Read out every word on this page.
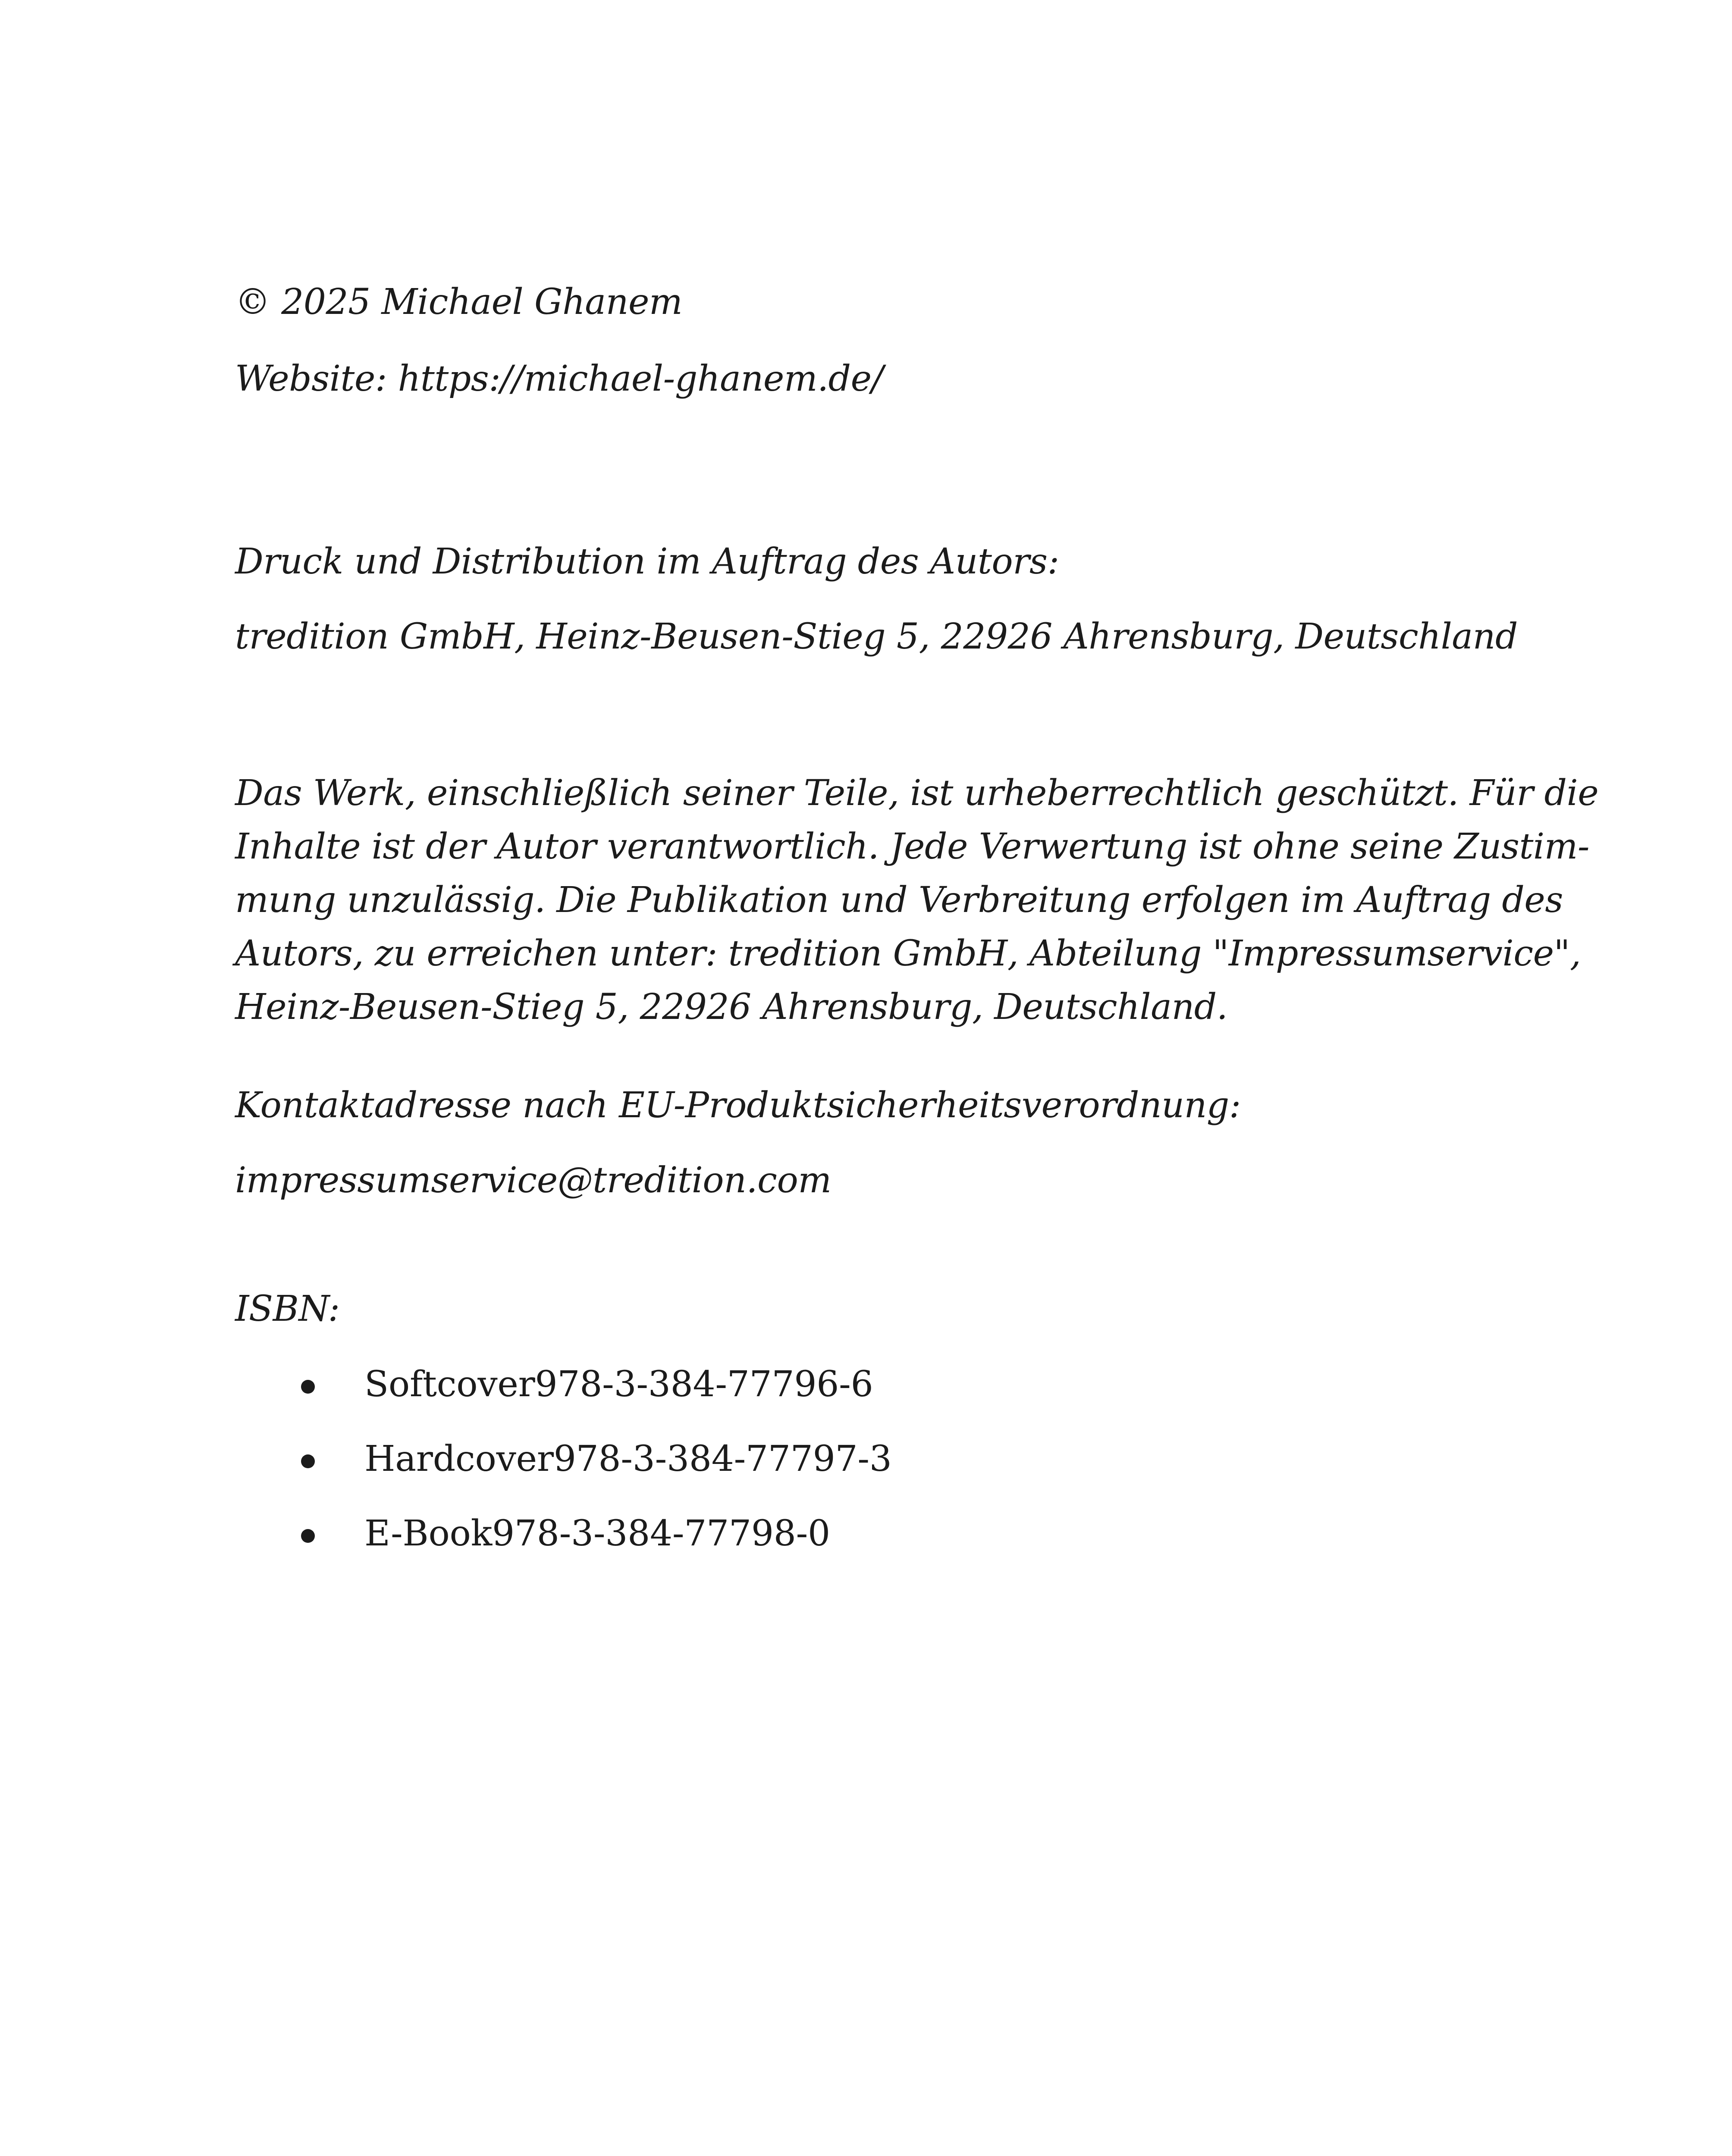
© 2025 Michael Ghanem
Website: https://michael-ghanem.de/
Druck und Distribution im Auftrag des Autors:
tredition GmbH, Heinz-Beusen-Stieg 5, 22926 Ahrensburg, Deutschland
Das Werk, einschließlich seiner Teile, ist urheberrechtlich geschützt. Für die
Inhalte ist der Autor verantwortlich. Jede Verwertung ist ohne seine Zustim-
mung unzulässig. Die Publikation und Verbreitung erfolgen im Auftrag des
Autors, zu erreichen unter: tredition GmbH, Abteilung "Impressumservice",
Heinz-Beusen-Stieg 5, 22926 Ahrensburg, Deutschland.
Kontaktadresse nach EU-Produktsicherheitsverordnung:
impressumservice@tredition.com
ISBN:
Softcover978-3-384-77796-6
Hardcover978-3-384-77797-3
E-Book978-3-384-77798-0
